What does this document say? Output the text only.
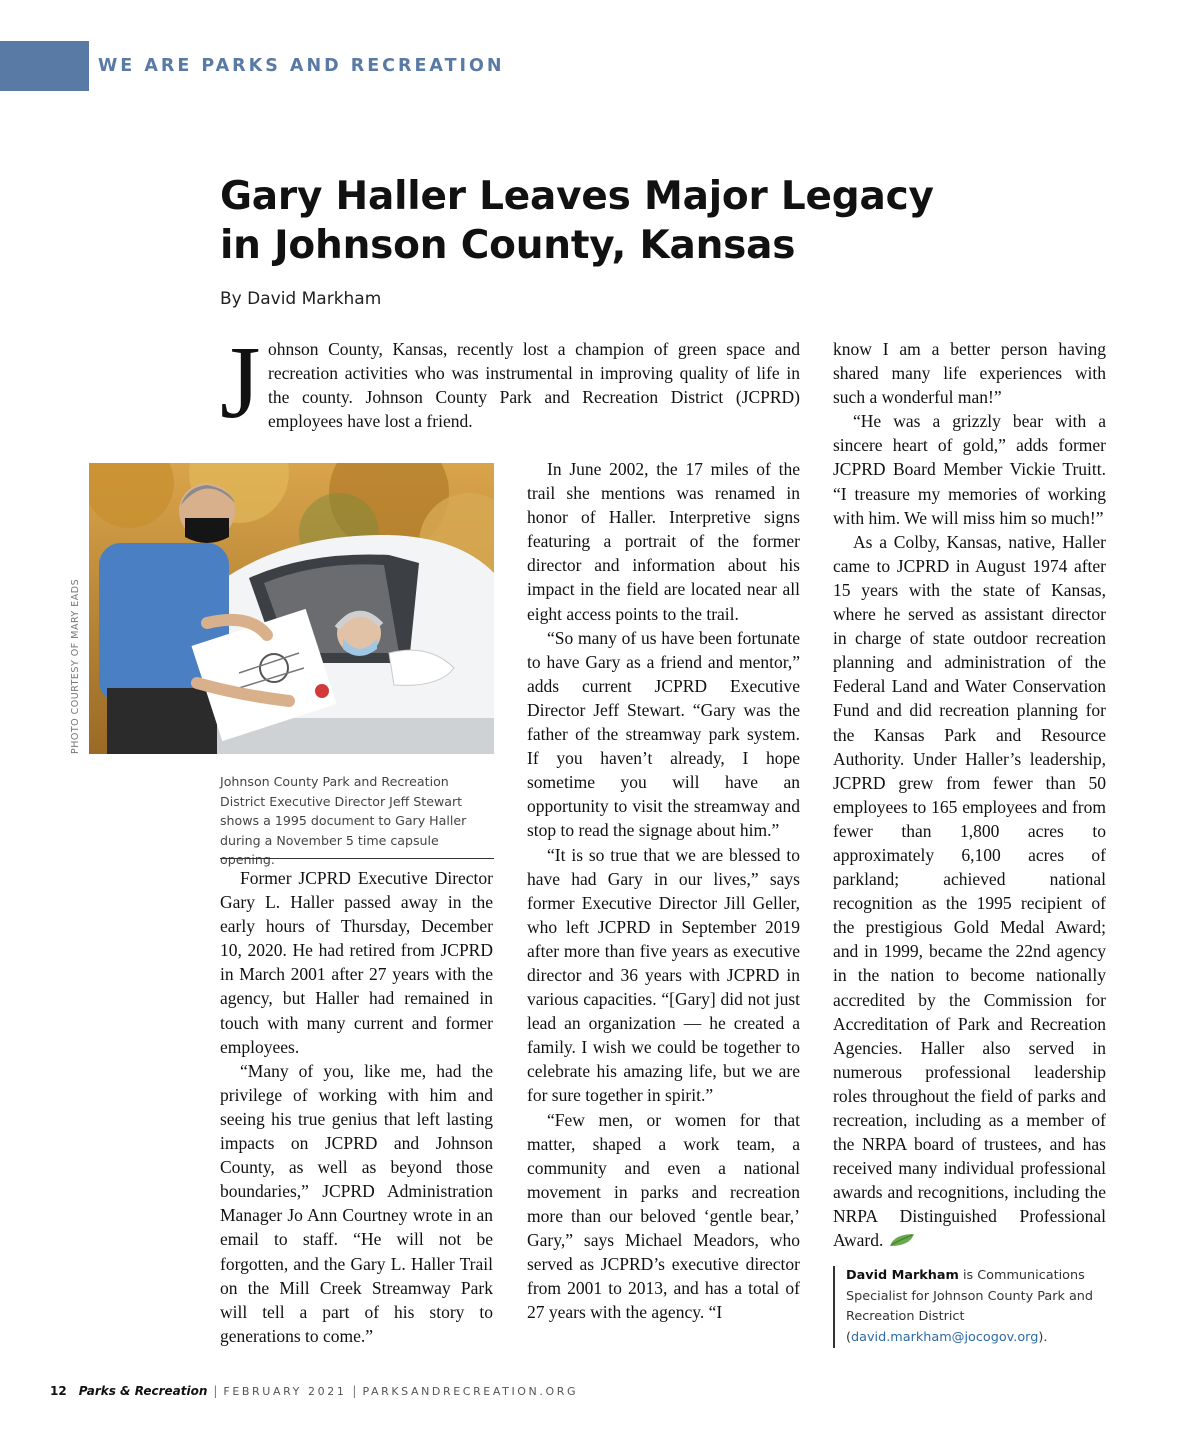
WE ARE PARKS AND RECREATION
Gary Haller Leaves Major Legacy in Johnson County, Kansas
By David Markham
J ohnson County, Kansas, recently lost a champion of green space and recreation activities who was instrumental in improving quality of life in the county. Johnson County Park and Recreation District (JCPRD) employees have lost a friend.

PHOTO COURTESY OF MARY EADS

Johnson County Park and Recreation District Executive Director Jeff Stewart shows a 1995 document to Gary Haller during a November 5 time capsule opening.

Former JCPRD Executive Director Gary L. Haller passed away in the early hours of Thursday, December 10, 2020. He had retired from JCPRD in March 2001 after 27 years with the agency, but Haller had remained in touch with many current and former employees.

“Many of you, like me, had the privilege of working with him and seeing his true genius that left lasting impacts on JCPRD and Johnson County, as well as beyond those boundaries,” JCPRD Administration Manager Jo Ann Courtney wrote in an email to staff. “He will not be forgotten, and the Gary L. Haller Trail on the Mill Creek Streamway Park will tell a part of his story to generations to come.”

In June 2002, the 17 miles of the trail she mentions was renamed in honor of Haller. Interpretive signs featuring a portrait of the former director and information about his impact in the field are located near all eight access points to the trail.

“So many of us have been fortunate to have Gary as a friend and mentor,” adds current JCPRD Executive Director Jeff Stewart. “Gary was the father of the streamway park system. If you haven’t already, I hope sometime you will have an opportunity to visit the streamway and stop to read the signage about him.”

“It is so true that we are blessed to have had Gary in our lives,” says former Executive Director Jill Geller, who left JCPRD in September 2019 after more than five years as executive director and 36 years with JCPRD in various capacities. “[Gary] did not just lead an organization — he created a family. I wish we could be together to celebrate his amazing life, but we are for sure together in spirit.”

“Few men, or women for that matter, shaped a work team, a community and even a national movement in parks and recreation more than our beloved ‘gentle bear,’ Gary,” says Michael Meadors, who served as JCPRD’s executive director from 2001 to 2013, and has a total of 27 years with the agency. “I

know I am a better person having shared many life experiences with such a wonderful man!”

“He was a grizzly bear with a sincere heart of gold,” adds former JCPRD Board Member Vickie Truitt. “I treasure my memories of working with him. We will miss him so much!”

As a Colby, Kansas, native, Haller came to JCPRD in August 1974 after 15 years with the state of Kansas, where he served as assistant director in charge of state outdoor recreation planning and administration of the Federal Land and Water Conservation Fund and did recreation planning for the Kansas Park and Resource Authority. Under Haller’s leadership, JCPRD grew from fewer than 50 employees to 165 employees and from fewer than 1,800 acres to approximately 6,100 acres of parkland; achieved national recognition as the 1995 recipient of the prestigious Gold Medal Award; and in 1999, became the 22nd agency in the nation to become nationally accredited by the Commission for Accreditation of Park and Recreation Agencies. Haller also served in numerous professional leadership roles throughout the field of parks and recreation, including as a member of the NRPA board of trustees, and has received many individual professional awards and recognitions, including the NRPA Distinguished Professional Award.

David Markham is Communications Specialist for Johnson County Park and Recreation District (david.markham@jocogov.org).
12 Parks & Recreation | FEBRUARY 2021 | PARKSANDRECREATION.ORG
